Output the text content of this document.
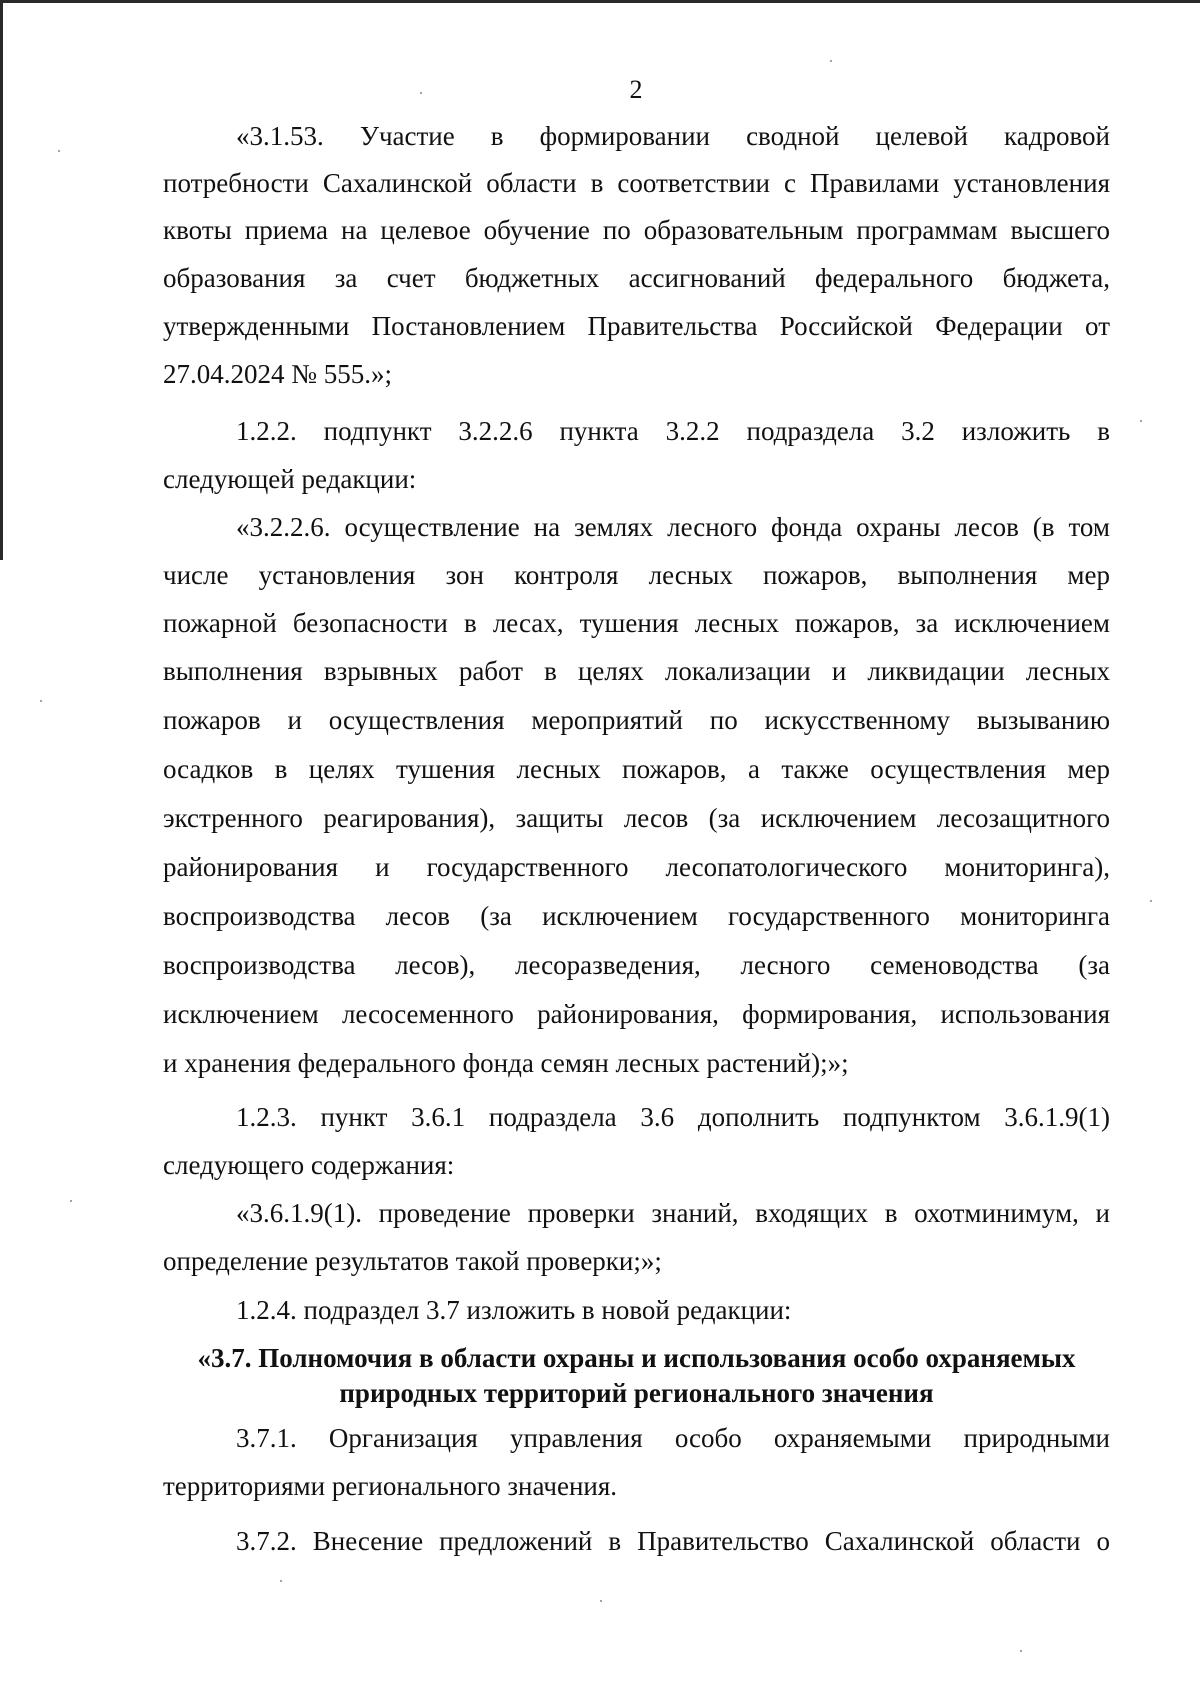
2
«3.1.53. Участие в формировании сводной целевой кадровой
потребности Сахалинской области в соответствии с Правилами установления
квоты приема на целевое обучение по образовательным программам высшего
образования за счет бюджетных ассигнований федерального бюджета,
утвержденными Постановлением Правительства Российской Федерации от
27.04.2024 № 555.»;
1.2.2. подпункт 3.2.2.6 пункта 3.2.2 подраздела 3.2 изложить в
следующей редакции:
«3.2.2.6. осуществление на землях лесного фонда охраны лесов (в том
числе установления зон контроля лесных пожаров, выполнения мер
пожарной безопасности в лесах, тушения лесных пожаров, за исключением
выполнения взрывных работ в целях локализации и ликвидации лесных
пожаров и осуществления мероприятий по искусственному вызыванию
осадков в целях тушения лесных пожаров, а также осуществления мер
экстренного реагирования), защиты лесов (за исключением лесозащитного
районирования и государственного лесопатологического мониторинга),
воспроизводства лесов (за исключением государственного мониторинга
воспроизводства лесов), лесоразведения, лесного семеноводства (за
исключением лесосеменного районирования, формирования, использования
и хранения федерального фонда семян лесных растений);»;
1.2.3. пункт 3.6.1 подраздела 3.6 дополнить подпунктом 3.6.1.9(1)
следующего содержания:
«3.6.1.9(1). проведение проверки знаний, входящих в охотминимум, и
определение результатов такой проверки;»;
1.2.4. подраздел 3.7 изложить в новой редакции:
«3.7. Полномочия в области охраны и использования особо охраняемых
природных территорий регионального значения
3.7.1. Организация управления особо охраняемыми природными
территориями регионального значения.
3.7.2. Внесение предложений в Правительство Сахалинской области о
